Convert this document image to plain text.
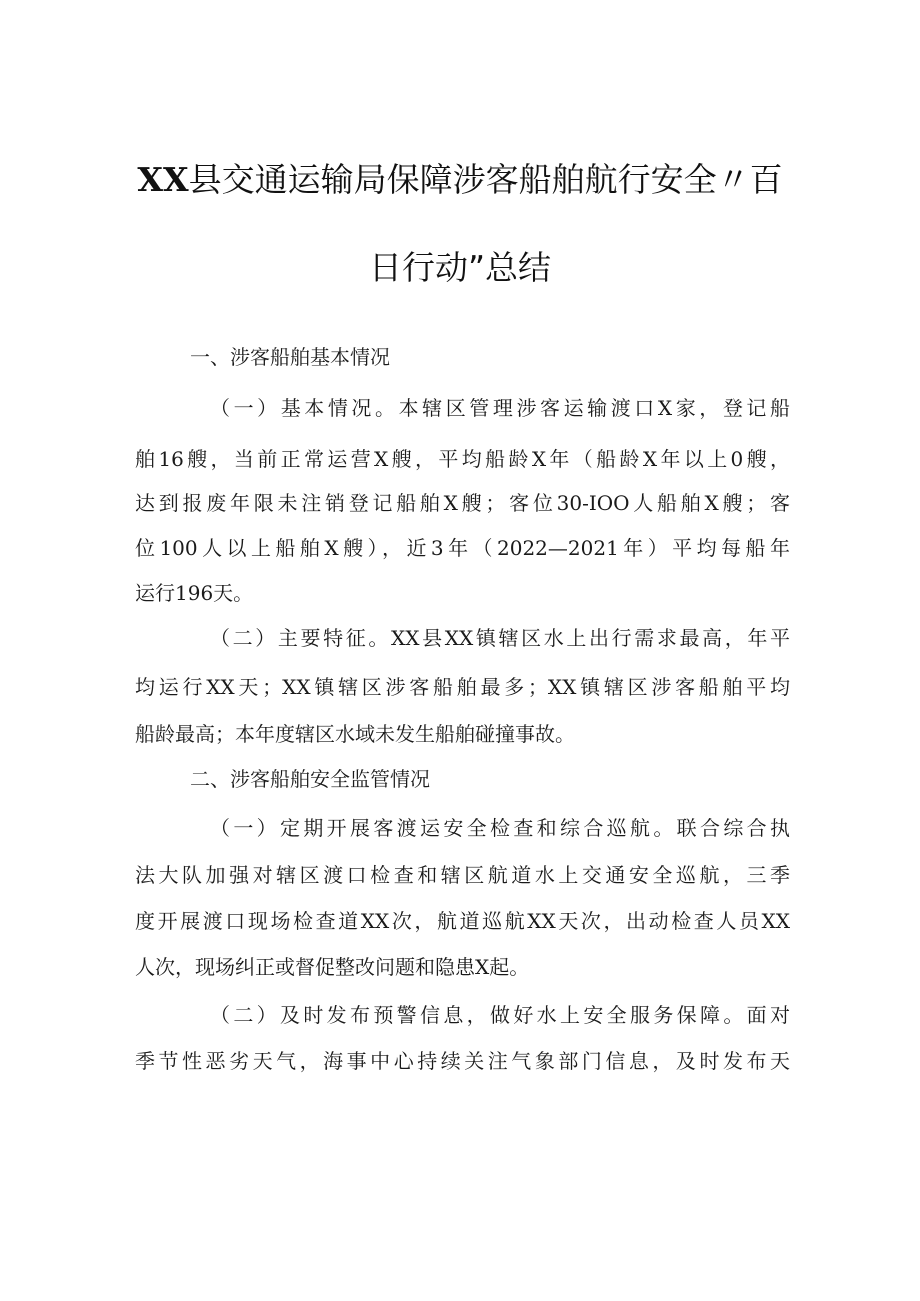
XX县交通运输局保障涉客船舶航行安全〃百
日行动”总结
一、涉客船舶基本情况
（一）基本情况。本辖区管理涉客运输渡口X家，登记船
舶16艘，当前正常运营X艘，平均船龄X年（船龄X年以上0艘，
达到报废年限未注销登记船舶X艘；客位30-IOO人船舶X艘；客
位100人以上船舶X艘），近3年（2022—2021年）平均每船年
运行196天。
（二）主要特征。XX县XX镇辖区水上出行需求最高，年平
均运行XX天；XX镇辖区涉客船舶最多；XX镇辖区涉客船舶平均
船龄最高；本年度辖区水域未发生船舶碰撞事故。
二、涉客船舶安全监管情况
（一）定期开展客渡运安全检查和综合巡航。联合综合执
法大队加强对辖区渡口检查和辖区航道水上交通安全巡航，三季
度开展渡口现场检查道XX次，航道巡航XX天次，出动检查人员XX
人次，现场纠正或督促整改问题和隐患X起。
（二）及时发布预警信息，做好水上安全服务保障。面对
季节性恶劣天气，海事中心持续关注气象部门信息，及时发布天
